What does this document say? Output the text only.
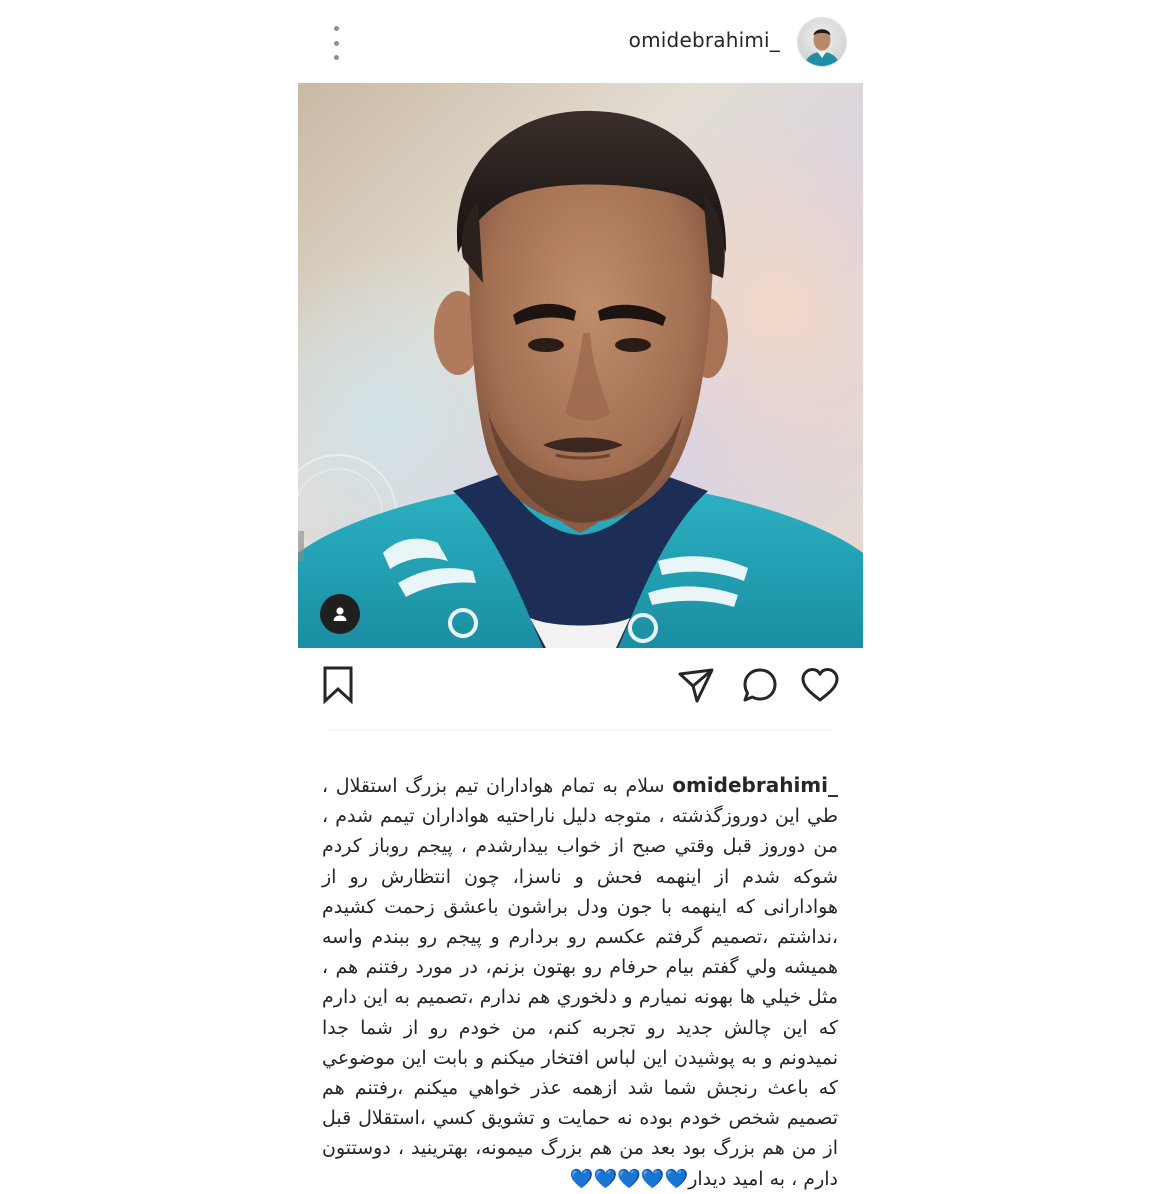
omidebrahimi_
omidebrahimi_ سلام به تمام هواداران تيم بزرگ استقلال ، طي اين دوروزگذشته ، متوجه دليل ناراحتيه هواداران تيمم شدم ، من دوروز قبل وقتي صبح از خواب بيدارشدم ، پيجم روباز كردم شوكه شدم از اينهمه فحش و ناسزا، چون انتظارش رو از هوادارانى كه اينهمه با جون ودل براشون باعشق زحمت كشيدم ،نداشتم ،تصميم گرفتم عكسم رو بردارم و پيجم رو ببندم واسه هميشه ولي گفتم بيام حرفام رو بهتون بزنم، در مورد رفتنم هم ، مثل خيلي ها بهونه نميارم و دلخوري هم ندارم ،تصميم به اين دارم كه اين چالش جديد رو تجربه كنم، من خودم رو از شما جدا نميدونم و به پوشيدن اين لباس افتخار ميكنم و بابت اين موضوعي كه باعث رنجش شما شد ازهمه عذر خواهي ميكنم ،رفتنم هم تصميم شخص خودم بوده نه حمايت و تشويق كسي ،استقلال قبل از من هم بزرگ بود بعد من هم بزرگ ميمونه، بهترينيد ، دوستتون دارم ، به اميد ديدار💙💙💙💙💙
